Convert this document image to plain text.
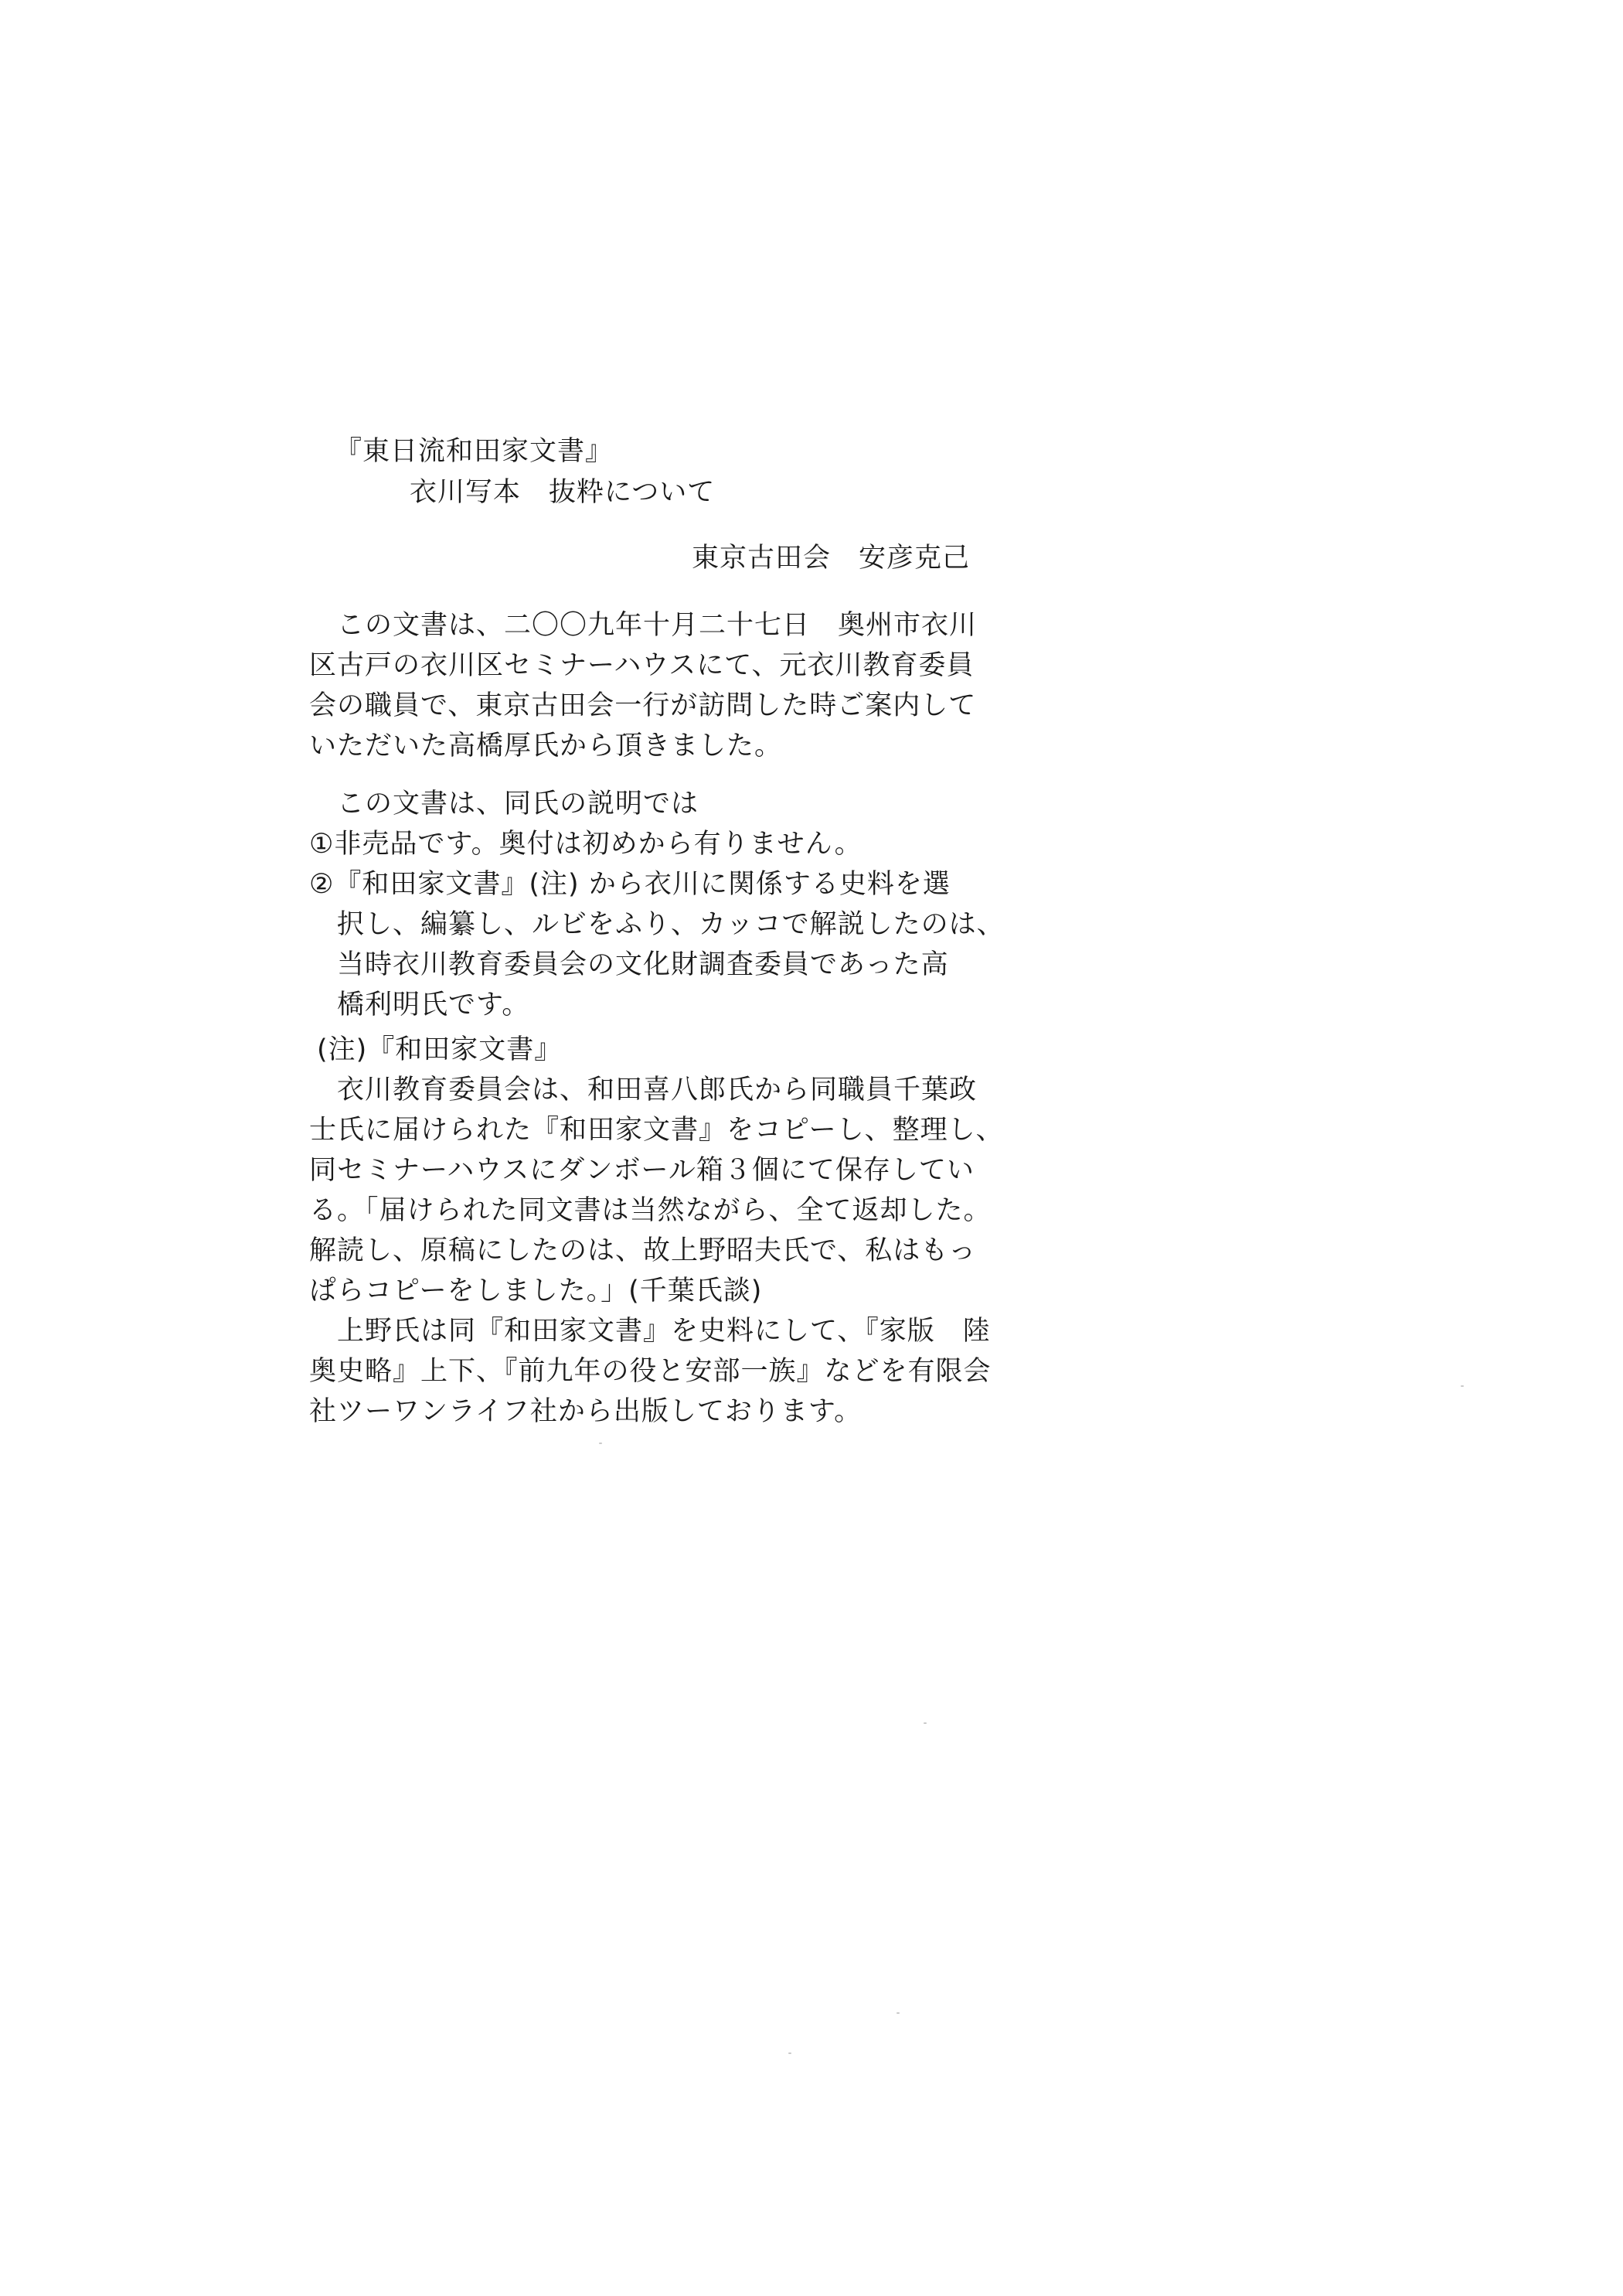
『東日流和田家文書』
衣川写本　抜粋について
東京古田会　安彦克己
　この文書は、二〇〇九年十月二十七日　奥州市衣川
区古戸の衣川区セミナーハウスにて、元衣川教育委員
会の職員で、東京古田会一行が訪問した時ご案内して
いただいた高橋厚氏から頂きました。
　この文書は、同氏の説明では
①非売品です。奥付は初めから有りません。
②『和田家文書』(注) から衣川に関係する史料を選
　択し、編纂し、ルビをふり、カッコで解説したのは、
　当時衣川教育委員会の文化財調査委員であった高
　橋利明氏です。
(注)『和田家文書』
　衣川教育委員会は、和田喜八郎氏から同職員千葉政
士氏に届けられた『和田家文書』をコピーし、整理し、
同セミナーハウスにダンボール箱３個にて保存してい
る。「届けられた同文書は当然ながら、全て返却した。
解読し、原稿にしたのは、故上野昭夫氏で、私はもっ
ぱらコピーをしました。」(千葉氏談)
　上野氏は同『和田家文書』を史料にして、『家版　陸
奥史略』上下、『前九年の役と安部一族』などを有限会
社ツーワンライフ社から出版しております。
